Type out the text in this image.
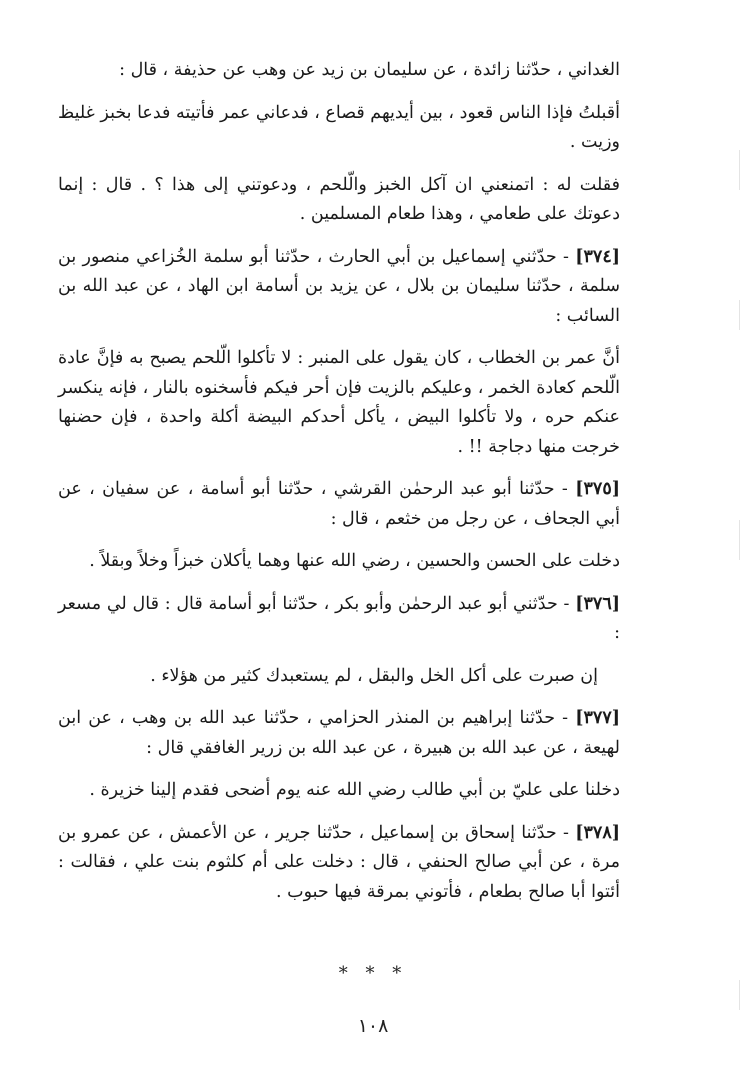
الغداني ، حدّثنا زائدة ، عن سليمان بن زيد عن وهب عن حذيفة ، قال :

أقبلتُ فإذا الناس قعود ، بين أيديهم قصاع ، فدعاني عمر فأتيته فدعا بخبز غليظ وزيت .

فقلت له : اتمنعني ان آكل الخبز والّلحم ، ودعوتني إلى هذا ؟ . قال : إنما دعوتك على طعامي ، وهذا طعام المسلمين .

[٣٧٤] - حدّثني إسماعيل بن أبي الحارث ، حدّثنا أبو سلمة الخُزاعي منصور بن سلمة ، حدّثنا سليمان بن بلال ، عن يزيد بن أسامة ابن الهاد ، عن عبد الله بن السائب :

أنَّ عمر بن الخطاب ، كان يقول على المنبر : لا تأكلوا الّلحم يصبح به فإنَّ عادة الّلحم كعادة الخمر ، وعليكم بالزيت فإن أحر فيكم فأسخنوه بالنار ، فإنه ينكسر عنكم حره ، ولا تأكلوا البيض ، يأكل أحدكم البيضة أكلة واحدة ، فإن حضنها خرجت منها دجاجة !! .

[٣٧٥] - حدّثنا أبو عبد الرحمٰن القرشي ، حدّثنا أبو أسامة ، عن سفيان ، عن أبي الجحاف ، عن رجل من خثعم ، قال :

دخلت على الحسن والحسين ، رضي الله عنها وهما يأكلان خبزاً وخلاً وبقلاً .

[٣٧٦] - حدّثني أبو عبد الرحمٰن وأبو بكر ، حدّثنا أبو أسامة قال : قال لي مسعر :

إن صبرت على أكل الخل والبقل ، لم يستعبدك كثير من هؤلاء .

[٣٧٧] - حدّثنا إبراهيم بن المنذر الحزامي ، حدّثنا عبد الله بن وهب ، عن ابن لهيعة ، عن عبد الله بن هبيرة ، عن عبد الله بن زرير الغافقي قال :

دخلنا على عليّ بن أبي طالب رضي الله عنه يوم أضحى فقدم إلينا خزيرة .

[٣٧٨] - حدّثنا إسحاق بن إسماعيل ، حدّثنا جرير ، عن الأعمش ، عن عمرو بن مرة ، عن أبي صالح الحنفي ، قال : دخلت على أم كلثوم بنت علي ، فقالت : أئتوا أبا صالح بطعام ، فأتوني بمرقة فيها حبوب .

* * *
١٠٨
